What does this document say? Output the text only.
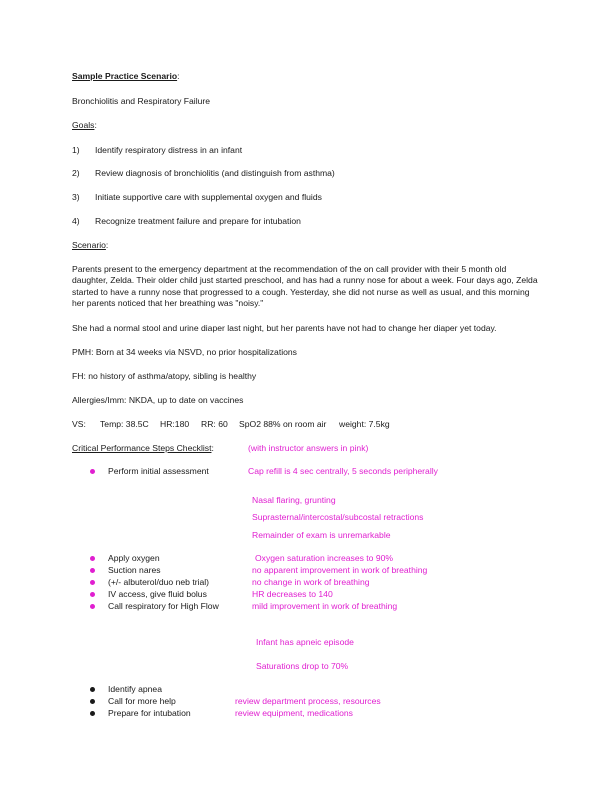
Sample Practice Scenario:
Bronchiolitis and Respiratory Failure
Goals:
1) Identify respiratory distress in an infant
2) Review diagnosis of bronchiolitis (and distinguish from asthma)
3) Initiate supportive care with supplemental oxygen and fluids
4) Recognize treatment failure and prepare for intubation
Scenario:
Parents present to the emergency department at the recommendation of the on call provider with their 5 month old daughter, Zelda. Their older child just started preschool, and has had a runny nose for about a week. Four days ago, Zelda started to have a runny nose that progressed to a cough. Yesterday, she did not nurse as well as usual, and this morning her parents noticed that her breathing was "noisy."
She had a normal stool and urine diaper last night, but her parents have not had to change her diaper yet today.
PMH: Born at 34 weeks via NSVD, no prior hospitalizations
FH: no history of asthma/atopy, sibling is healthy
Allergies/Imm: NKDA, up to date on vaccines
VS: Temp: 38.5C HR:180 RR: 60 SpO2 88% on room air weight: 7.5kg
Critical Performance Steps Checklist:	(with instructor answers in pink)
Perform initial assessment	Cap refill is 4 sec centrally, 5 seconds peripherally
Nasal flaring, grunting
Suprasternal/intercostal/subcostal retractions
Remainder of exam is unremarkable
Apply oxygen	Oxygen saturation increases to 90%
Suction nares	no apparent improvement in work of breathing
(+/- albuterol/duo neb trial)	no change in work of breathing
IV access, give fluid bolus	HR decreases to 140
Call respiratory for High Flow	mild improvement in work of breathing
Infant has apneic episode
Saturations drop to 70%
Identify apnea
Call for more help	review department process, resources
Prepare for intubation	review equipment, medications
